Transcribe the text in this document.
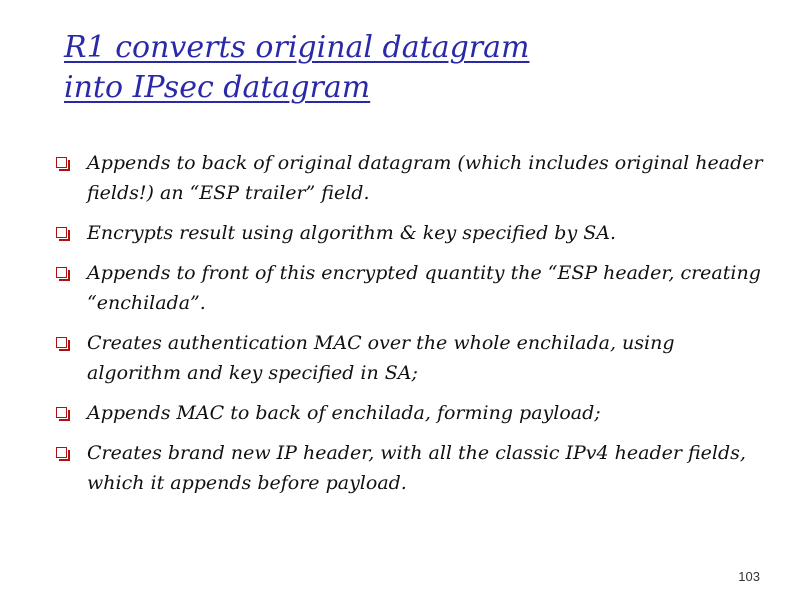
R1 converts original datagram
into IPsec datagram
Appends to back of original datagram (which includes original header fields!) an “ESP trailer” field.
Encrypts result using algorithm & key specified by SA.
Appends to front of this encrypted quantity the “ESP header, creating “enchilada”.
Creates authentication MAC over the whole enchilada, using algorithm and key specified in SA;
Appends MAC to back of enchilada, forming payload;
Creates brand new IP header, with all the classic IPv4 header fields, which it appends before payload.
103
